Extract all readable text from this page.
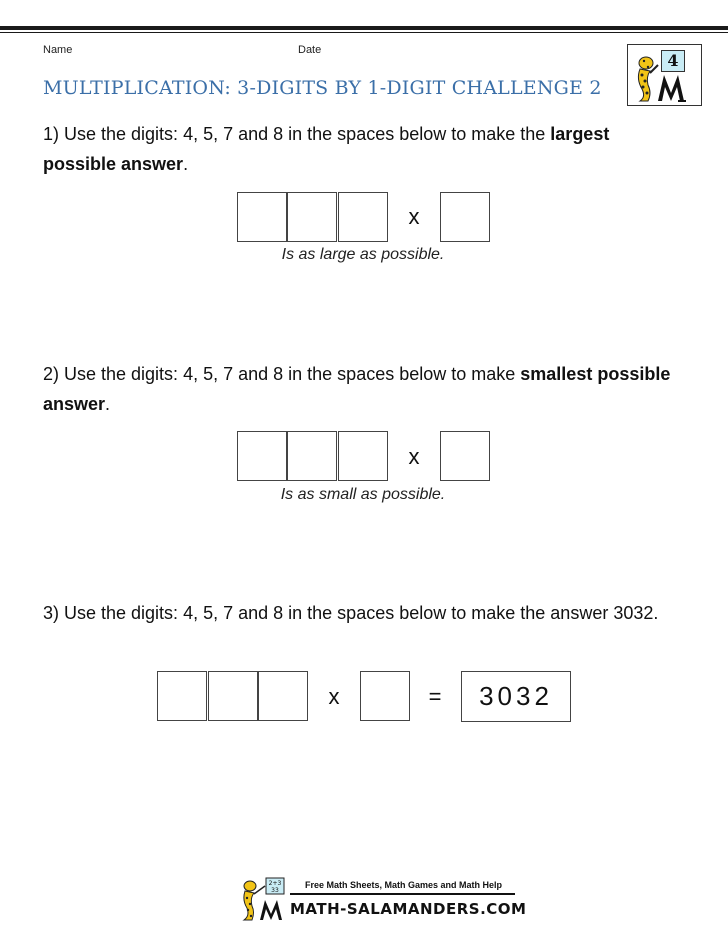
Name	Date
MULTIPLICATION: 3-DIGITS BY 1-DIGIT CHALLENGE 2
4
1) Use the digits: 4, 5, 7 and 8 in the spaces below to make the largest possible answer.
x
Is as large as possible.
2) Use the digits: 4, 5, 7 and 8 in the spaces below to make smallest possible answer.
x
Is as small as possible.
3) Use the digits: 4, 5, 7 and 8 in the spaces below to make the answer 3032.
x	=	3032
2+3
33
Free Math Sheets, Math Games and Math Help
MATH-SALAMANDERS.COM
